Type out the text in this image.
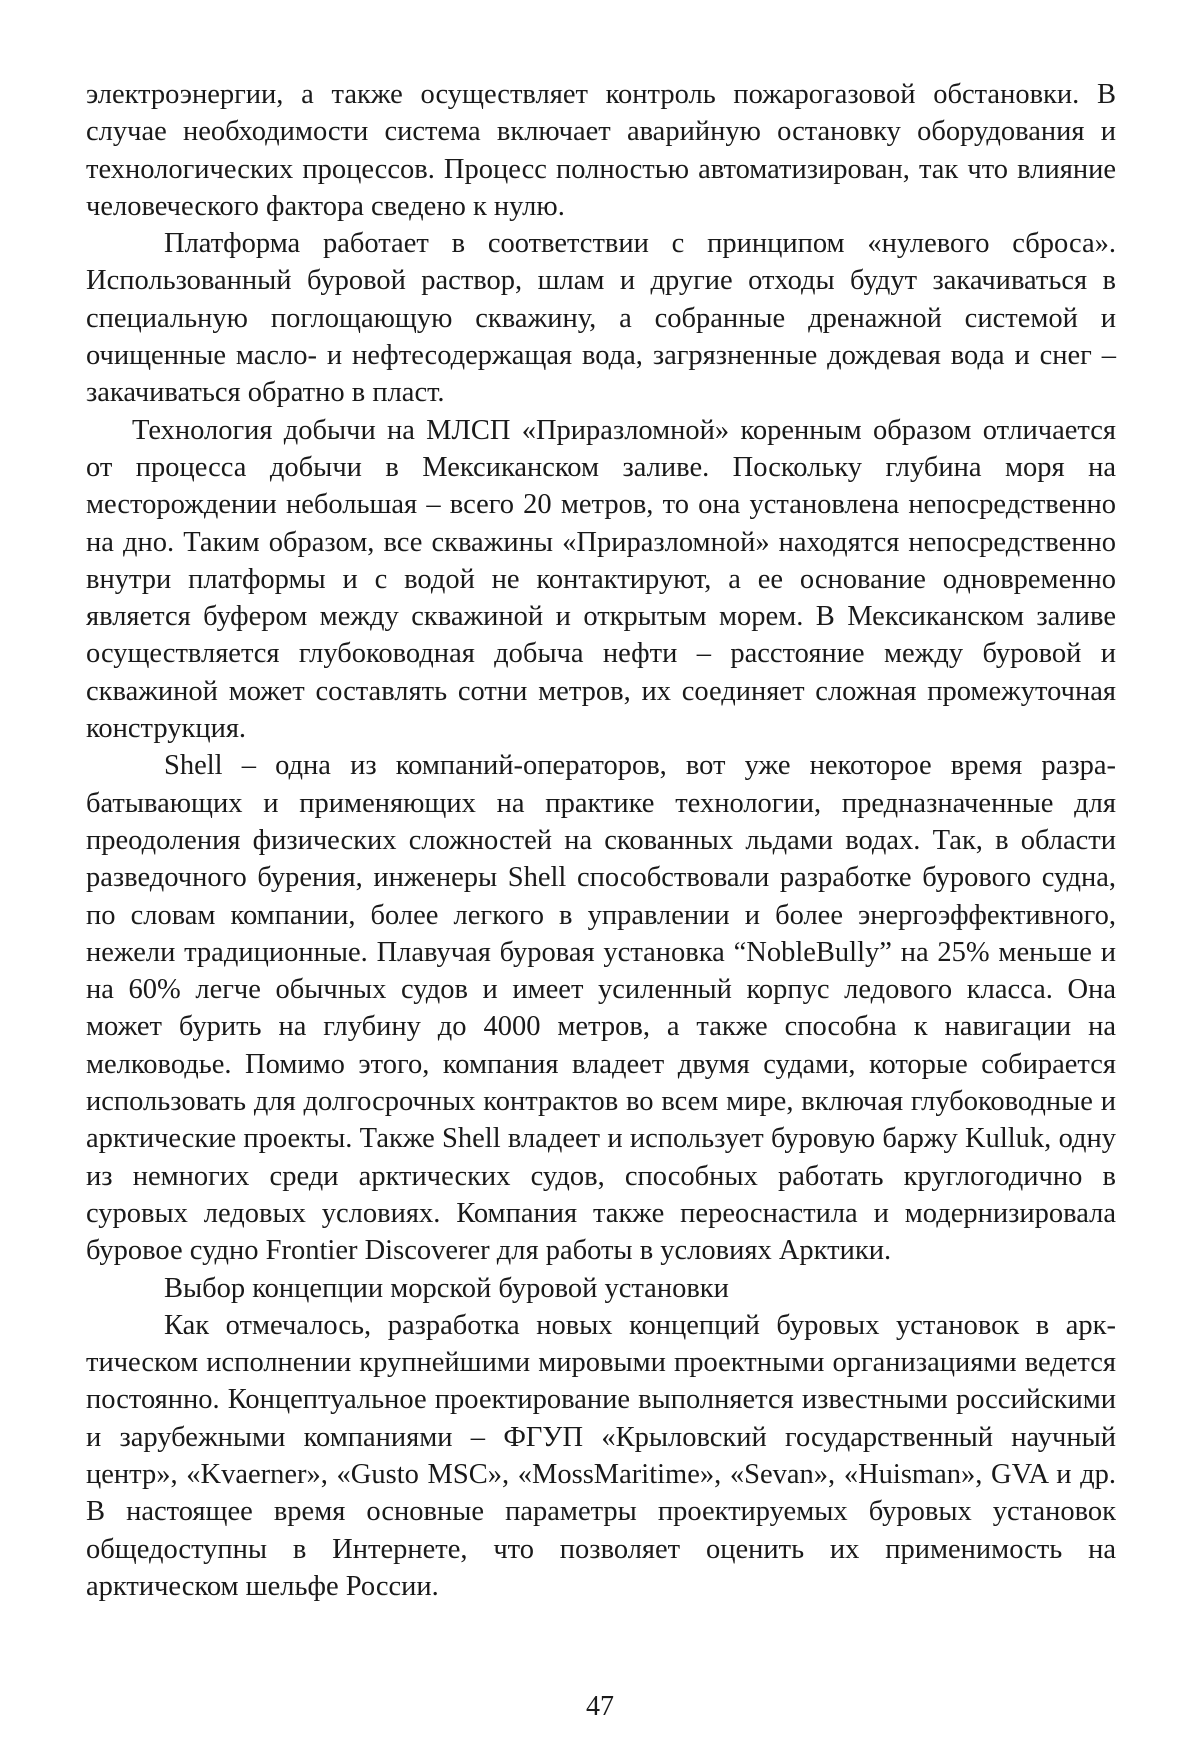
электроэнергии, а также осуществляет контроль пожарогазовой обстановки. В случае необходимости система включает аварийную остановку оборудования и технологических процессов. Процесс полностью автоматизирован, так что влияние человеческого фактора сведено к нулю.

Платформа работает в соответствии с принципом «нулевого сброса». Использованный буровой раствор, шлам и другие отходы будут закачиваться в специальную поглощающую скважину, а собранные дренажной системой и очищенные масло- и нефтесодержащая вода, загрязненные дождевая вода и снег – закачиваться обратно в пласт.

Технология добычи на МЛСП «Приразломной» коренным образом отличается от процесса добычи в Мексиканском заливе. Поскольку глубина моря на месторождении небольшая – всего 20 метров, то она установлена непосредственно на дно. Таким образом, все скважины «Приразломной» находятся непосредственно внутри платформы и с водой не контактируют, а ее основание одновременно является буфером между скважиной и открытым морем. В Мексиканском заливе осуществляется глубоководная добыча нефти – расстояние между буровой и скважиной может составлять сотни метров, их соединяет сложная промежуточная конструкция.

Shell – одна из компаний-операторов, вот уже некоторое время разрабатывающих и применяющих на практике технологии, предназначенные для преодоления физических сложностей на скованных льдами водах. Так, в области разведочного бурения, инженеры Shell способствовали разработке бурового судна, по словам компании, более легкого в управлении и более энергоэффективного, нежели традиционные. Плавучая буровая установка “NobleBully” на 25% меньше и на 60% легче обычных судов и имеет усиленный корпус ледового класса. Она может бурить на глубину до 4000 метров, а также способна к навигации на мелководье. Помимо этого, компания владеет двумя судами, которые собирается использовать для долгосрочных контрактов во всем мире, включая глубоководные и арктические проекты. Также Shell владеет и использует буровую баржу Kulluk, одну из немногих среди арктических судов, способных работать круглогодично в суровых ледовых условиях. Компания также переоснастила и модернизировала буровое судно Frontier Discoverer для работы в условиях Арктики.

Выбор концепции морской буровой установки

Как отмечалось, разработка новых концепций буровых установок в арктическом исполнении крупнейшими мировыми проектными организациями ведется постоянно. Концептуальное проектирование выполняется известными российскими и зарубежными компаниями – ФГУП «Крыловский государственный научный центр», «Kvaerner», «Gusto MSC», «MossMaritime», «Sevan», «Huisman», GVA и др. В настоящее время основные параметры проектируемых буровых установок общедоступны в Интернете, что позволяет оценить их применимость на арктическом шельфе России.

47
